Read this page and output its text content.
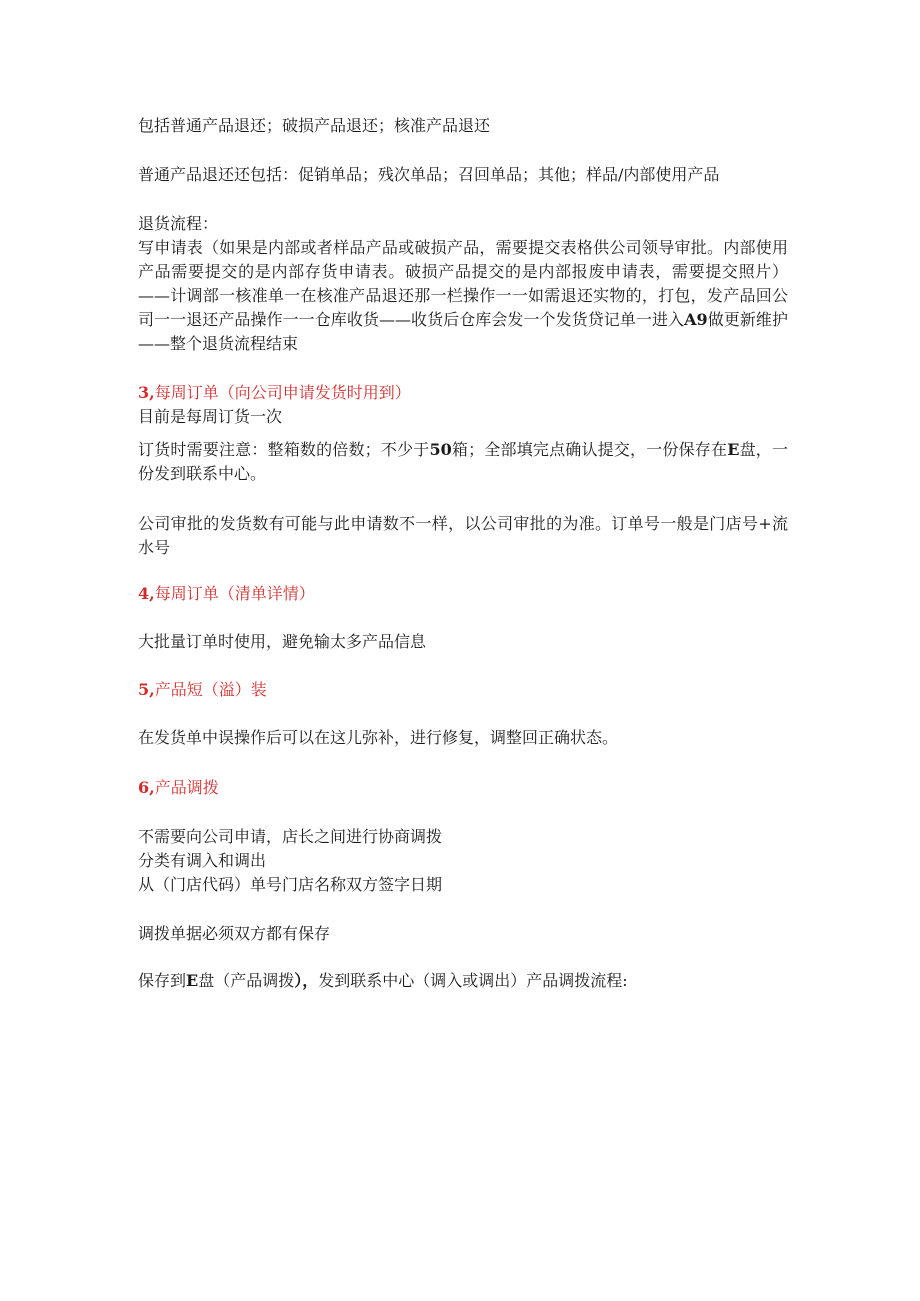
包括普通产品退还；破损产品退还；核准产品退还

普通产品退还还包括：促销单品；残次单品；召回单品；其他；样品/内部使用产品

退货流程：

写申请表（如果是内部或者样品产品或破损产品，需要提交表格供公司领导审批。内部使用产品需要提交的是内部存货申请表。破损产品提交的是内部报废申请表，需要提交照片）——计调部一核准单一在核准产品退还那一栏操作一一如需退还实物的，打包，发产品回公司一一退还产品操作一一仓库收货——收货后仓库会发一个发货贷记单一进入A9做更新维护——整个退货流程结束

3,每周订单（向公司申请发货时用到）

目前是每周订货一次

订货时需要注意：整箱数的倍数；不少于50箱；全部填完点确认提交，一份保存在E盘，一份发到联系中心。

公司审批的发货数有可能与此申请数不一样，以公司审批的为准。订单号一般是门店号+流水号

4,每周订单（清单详情）

大批量订单时使用，避免输太多产品信息

5,产品短（溢）装

在发货单中误操作后可以在这儿弥补，进行修复，调整回正确状态。

6,产品调拨

不需要向公司申请，店长之间进行协商调拨

分类有调入和调出

从（门店代码）单号门店名称双方签字日期

调拨单据必须双方都有保存

保存到E盘（产品调拨），发到联系中心（调入或调出）产品调拨流程:
